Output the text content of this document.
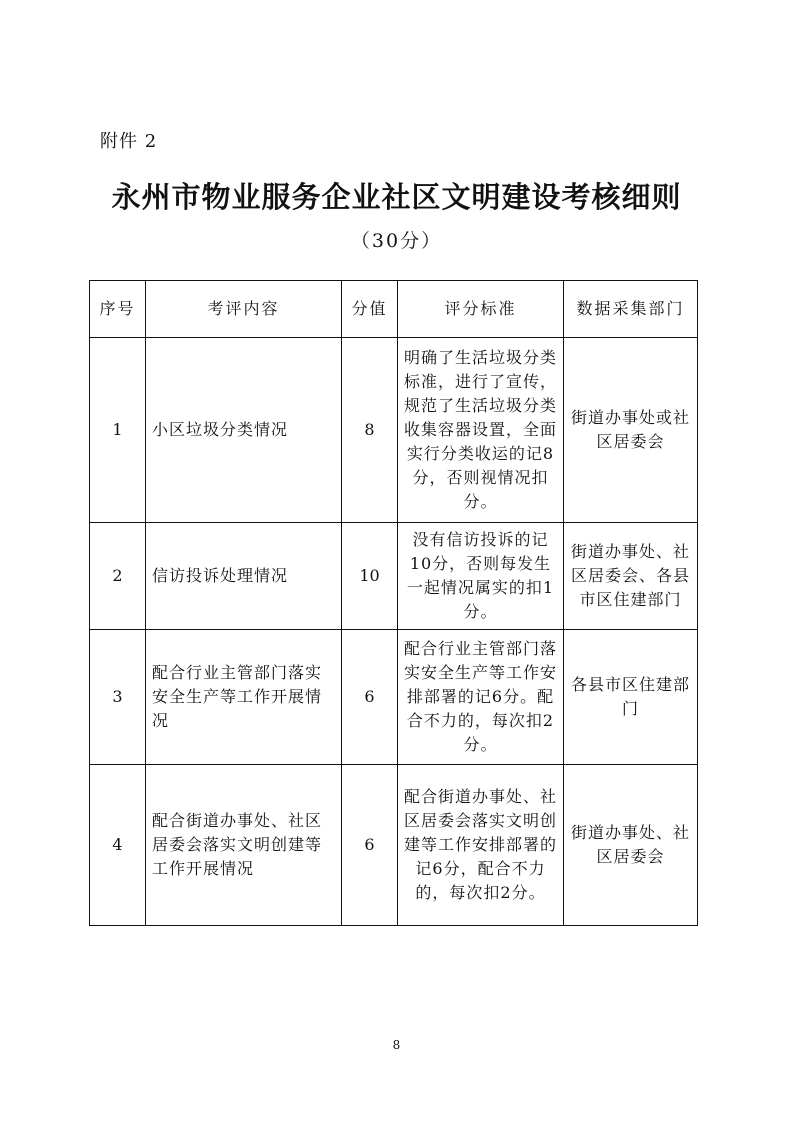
附件 2
永州市物业服务企业社区文明建设考核细则
（30分）
序号	考评内容	分值	评分标准	数据采集部门
1	小区垃圾分类情况	8	明确了生活垃圾分类标准，进行了宣传，规范了生活垃圾分类收集容器设置，全面实行分类收运的记8分，否则视情况扣分。	街道办事处或社区居委会
2	信访投诉处理情况	10	没有信访投诉的记10分，否则每发生一起情况属实的扣1分。	街道办事处、社区居委会、各县市区住建部门
3	配合行业主管部门落实安全生产等工作开展情况	6	配合行业主管部门落实安全生产等工作安排部署的记6分。配合不力的，每次扣2分。	各县市区住建部门
4	配合街道办事处、社区居委会落实文明创建等工作开展情况	6	配合街道办事处、社区居委会落实文明创建等工作安排部署的记6分，配合不力的，每次扣2分。	街道办事处、社区居委会
8
